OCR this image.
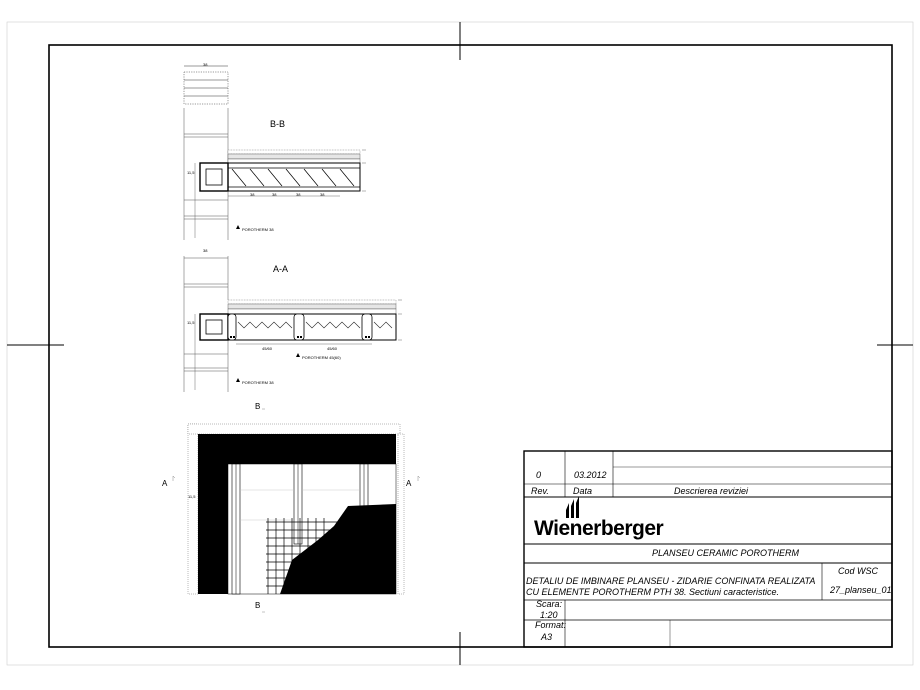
B-B
A-A
POROTHERM 38
POROTHERM 45(60)
POROTHERM 38
38
38
11,5
11,5
11,5
38	38	38	38
45/60	45/60
A	A
B
B
0	03.2012
Rev.	Data	Descrierea reviziei
Wienerberger
PLANSEU CERAMIC POROTHERM
Cod WSC
DETALIU DE IMBINARE PLANSEU - ZIDARIE CONFINATA REALIZATA
CU ELEMENTE POROTHERM PTH 38. Sectiuni caracteristice.	27_planseu_01
Scara:
1:20
Format:
A3
